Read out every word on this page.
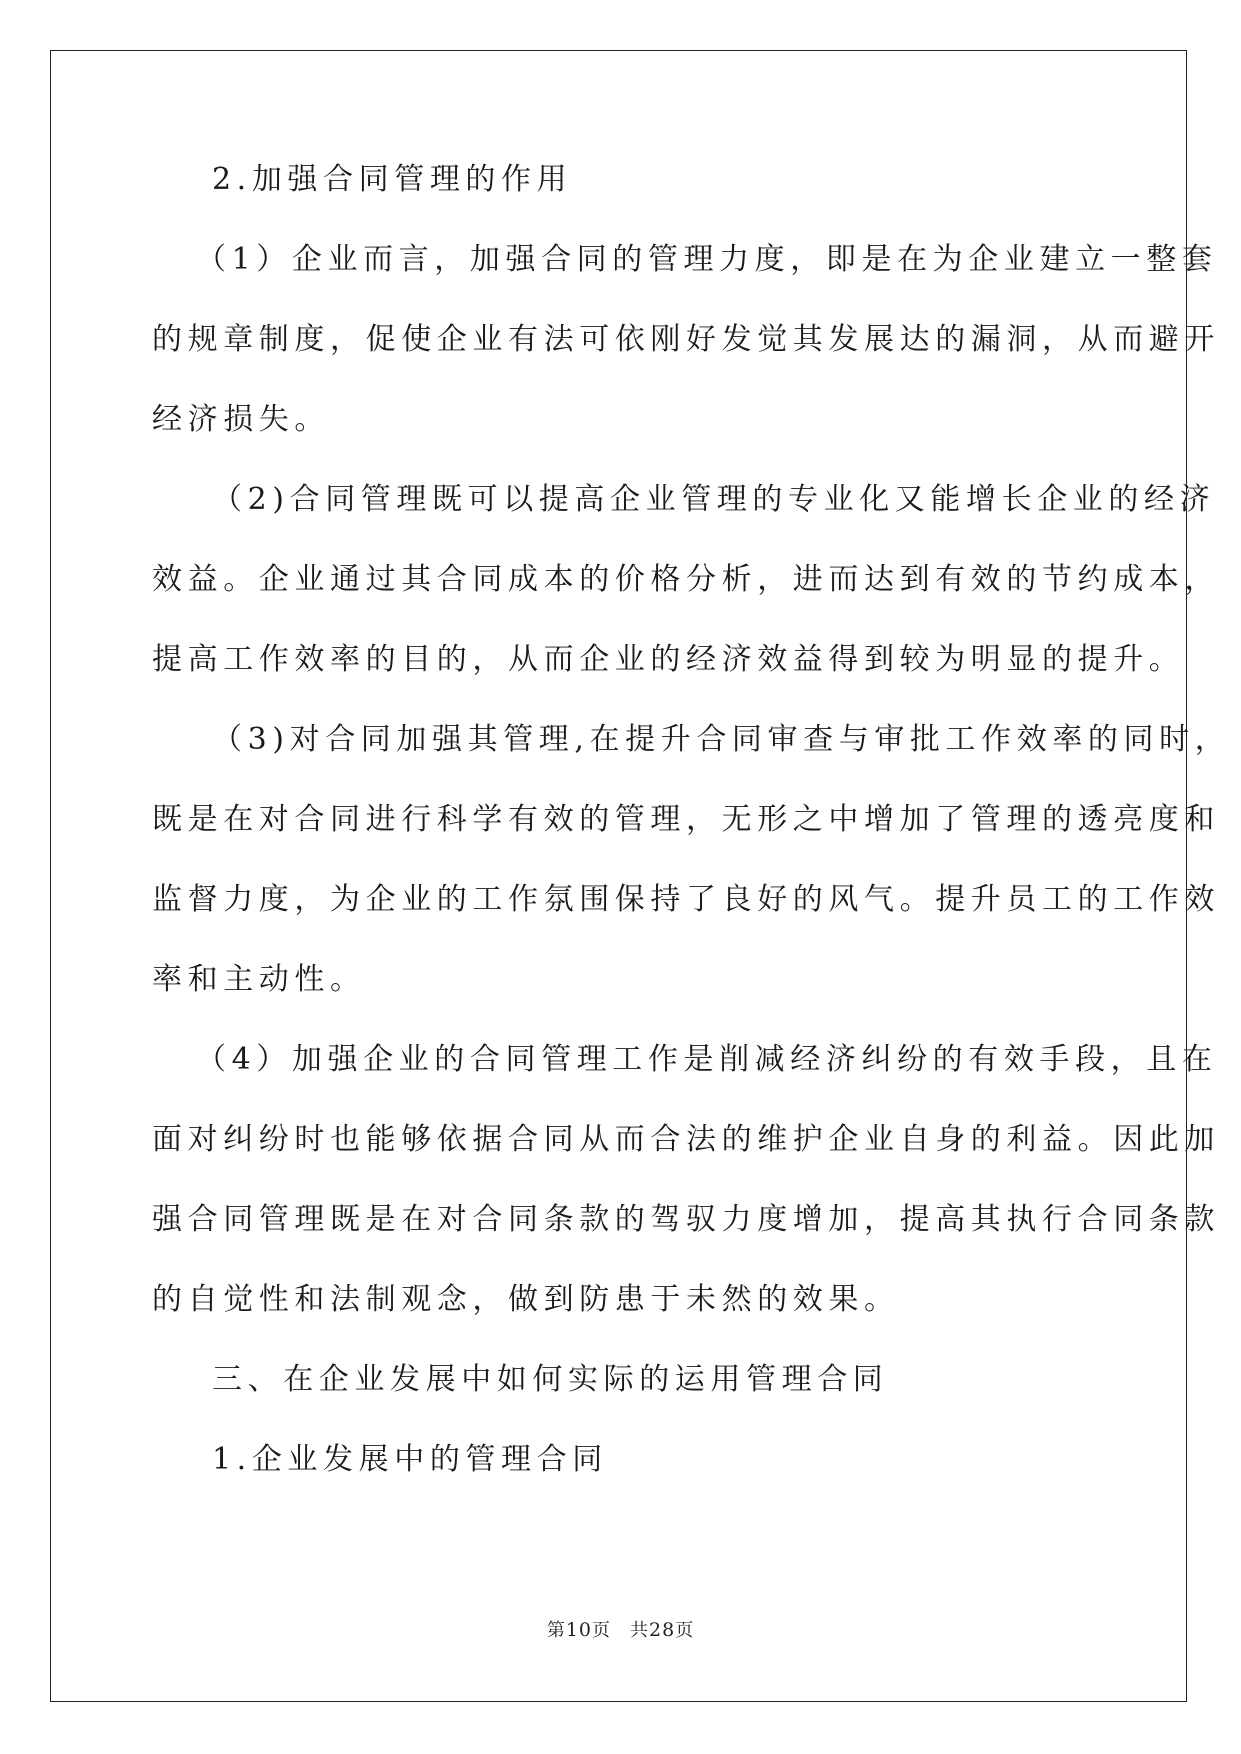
2.加强合同管理的作用
（1）企业而言，加强合同的管理力度，即是在为企业建立一整套
的规章制度，促使企业有法可依刚好发觉其发展达的漏洞，从而避开
经济损失。
（2)合同管理既可以提高企业管理的专业化又能增长企业的经济
效益。企业通过其合同成本的价格分析，进而达到有效的节约成本，
提高工作效率的目的，从而企业的经济效益得到较为明显的提升。
（3)对合同加强其管理,在提升合同审查与审批工作效率的同时，
既是在对合同进行科学有效的管理，无形之中增加了管理的透亮度和
监督力度，为企业的工作氛围保持了良好的风气。提升员工的工作效
率和主动性。
（4）加强企业的合同管理工作是削减经济纠纷的有效手段，且在
面对纠纷时也能够依据合同从而合法的维护企业自身的利益。因此加
强合同管理既是在对合同条款的驾驭力度增加，提高其执行合同条款
的自觉性和法制观念，做到防患于未然的效果。
三、在企业发展中如何实际的运用管理合同
1.企业发展中的管理合同
第10页　共28页
